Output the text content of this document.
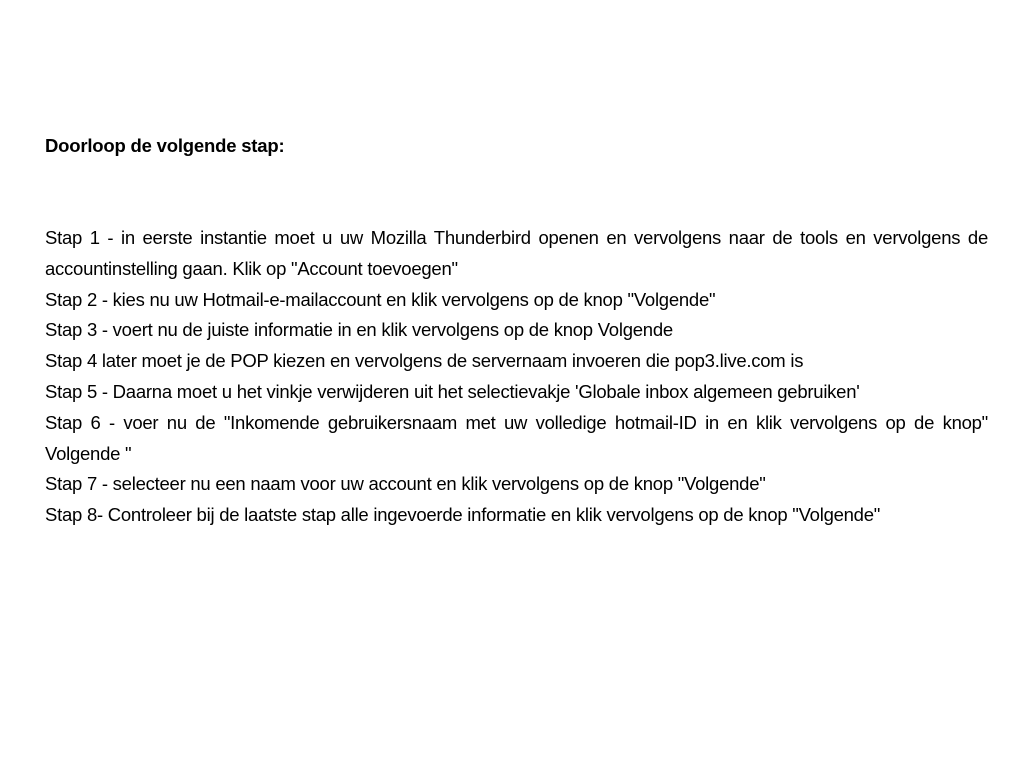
Doorloop de volgende stap:

Stap 1 - in eerste instantie moet u uw Mozilla Thunderbird openen en vervolgens naar de tools en vervolgens de accountinstelling gaan. Klik op "Account toevoegen"

Stap 2 - kies nu uw Hotmail-e-mailaccount en klik vervolgens op de knop "Volgende"

Stap 3 - voert nu de juiste informatie in en klik vervolgens op de knop Volgende

Stap 4 later moet je de POP kiezen en vervolgens de servernaam invoeren die pop3.live.com is

Stap 5 - Daarna moet u het vinkje verwijderen uit het selectievakje 'Globale inbox algemeen gebruiken'

Stap 6 - voer nu de "Inkomende gebruikersnaam met uw volledige hotmail-ID in en klik vervolgens op de knop" Volgende "

Stap 7 - selecteer nu een naam voor uw account en klik vervolgens op de knop "Volgende"

Stap 8- Controleer bij de laatste stap alle ingevoerde informatie en klik vervolgens op de knop "Volgende"
